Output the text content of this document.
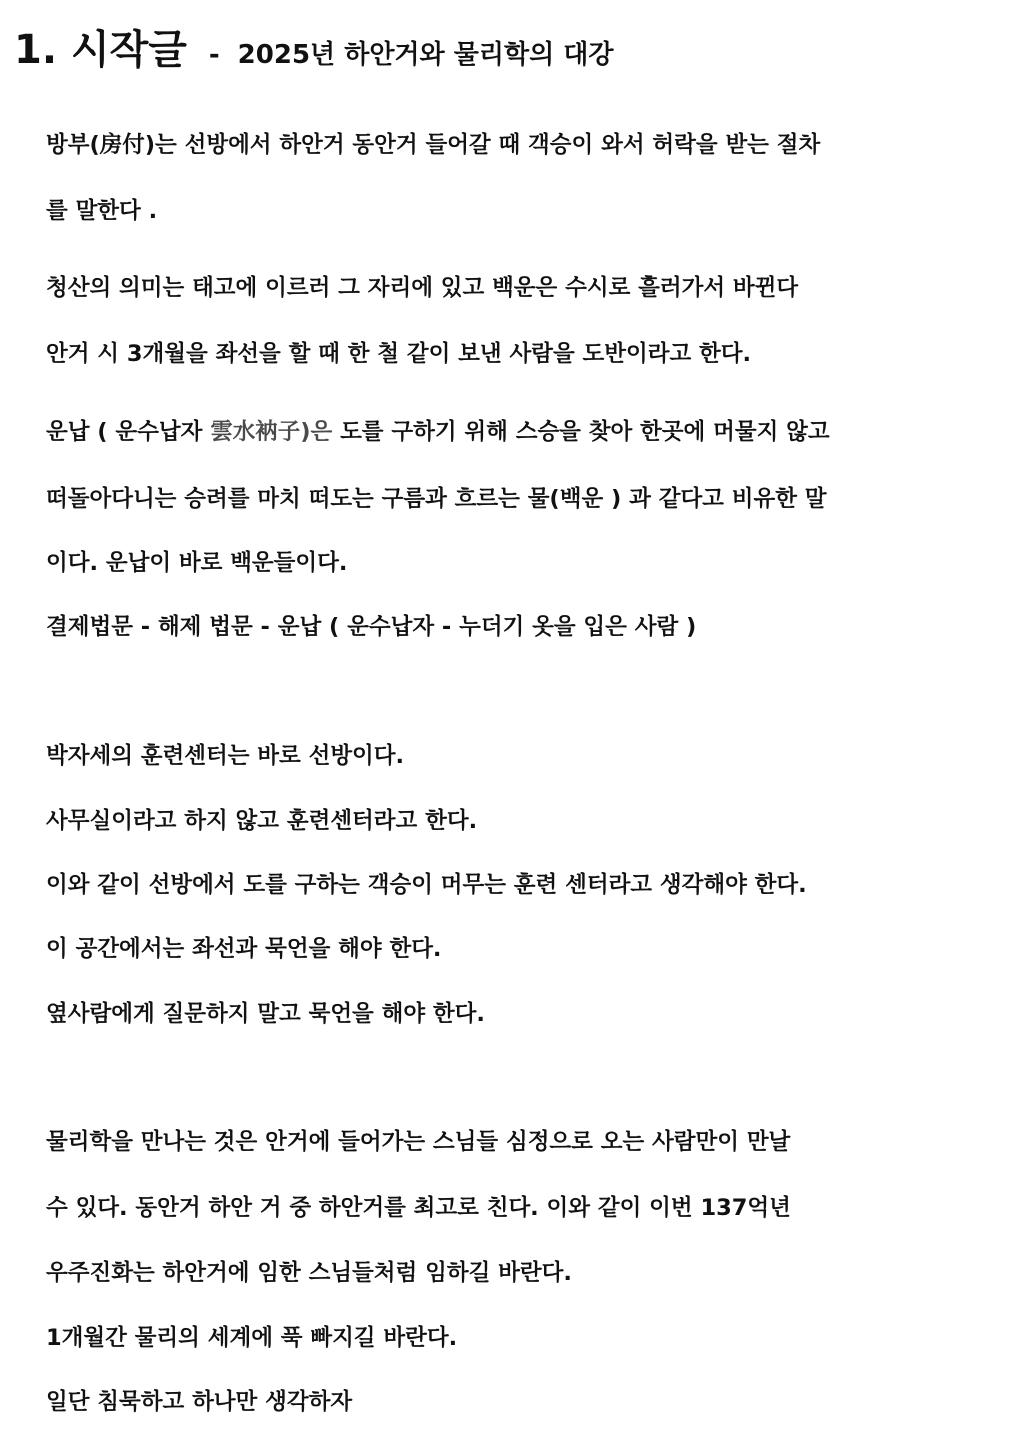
1. 시작글 - 2025년 하안거와 물리학의 대강
방부(房付)는 선방에서 하안거 동안거 들어갈 때 객승이 와서 허락을 받는 절차
를 말한다 .
청산의 의미는 태고에 이르러 그 자리에 있고 백운은 수시로 흘러가서 바뀐다
안거 시 3개월을 좌선을 할 때 한 철 같이 보낸 사람을 도반이라고 한다.
운납 ( 운수납자 雲水衲子)은 도를 구하기 위해 스승을 찾아 한곳에 머물지 않고
떠돌아다니는 승려를 마치 떠도는 구름과 흐르는 물(백운 ) 과 같다고 비유한 말
이다. 운납이 바로 백운들이다.
결제법문 - 해제 법문 - 운납 ( 운수납자 - 누더기 옷을 입은 사람 )
박자세의 훈련센터는 바로 선방이다.
사무실이라고 하지 않고 훈련센터라고 한다.
이와 같이 선방에서 도를 구하는 객승이 머무는 훈련 센터라고 생각해야 한다.
이 공간에서는 좌선과 묵언을 해야 한다.
옆사람에게 질문하지 말고 묵언을 해야 한다.
물리학을 만나는 것은 안거에 들어가는 스님들 심정으로 오는 사람만이 만날
수 있다. 동안거 하안 거 중 하안거를 최고로 친다. 이와 같이 이번 137억년
우주진화는 하안거에 임한 스님들처럼 임하길 바란다.
1개월간 물리의 세계에 푹 빠지길 바란다.
일단 침묵하고 하나만 생각하자
